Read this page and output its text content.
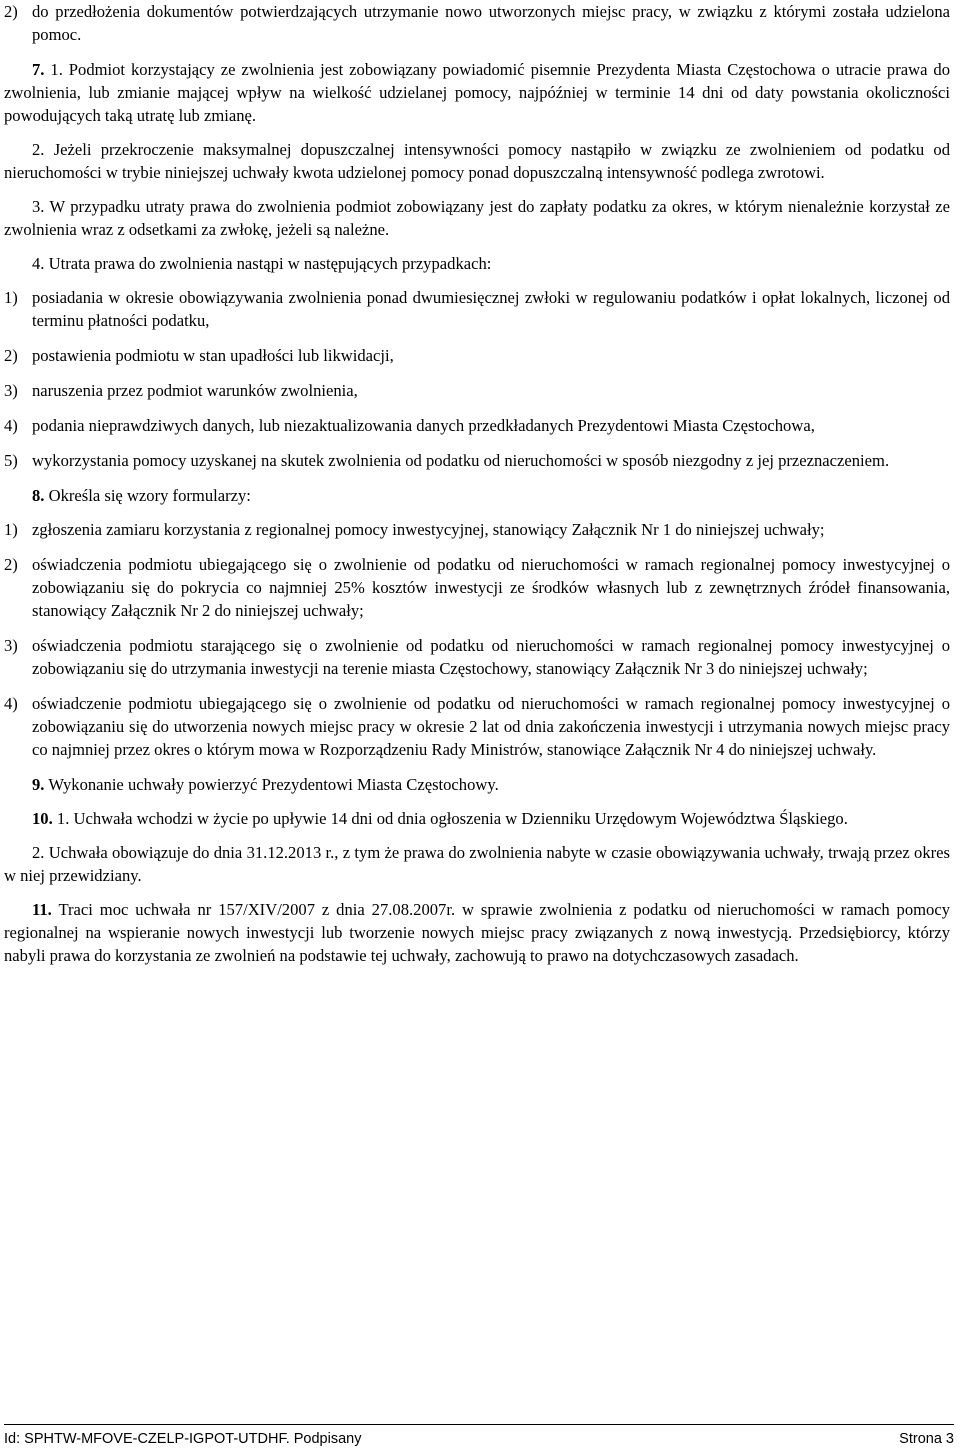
2) do przedłożenia dokumentów potwierdzających utrzymanie nowo utworzonych miejsc pracy, w związku z którymi została udzielona pomoc.

7. 1. Podmiot korzystający ze zwolnienia jest zobowiązany powiadomić pisemnie Prezydenta Miasta Częstochowa o utracie prawa do zwolnienia, lub zmianie mającej wpływ na wielkość udzielanej pomocy, najpóźniej w terminie 14 dni od daty powstania okoliczności powodujących taką utratę lub zmianę.

2. Jeżeli przekroczenie maksymalnej dopuszczalnej intensywności pomocy nastąpiło w związku ze zwolnieniem od podatku od nieruchomości w trybie niniejszej uchwały kwota udzielonej pomocy ponad dopuszczalną intensywność podlega zwrotowi.

3. W przypadku utraty prawa do zwolnienia podmiot zobowiązany jest do zapłaty podatku za okres, w którym nienależnie korzystał ze zwolnienia wraz z odsetkami za zwłokę, jeżeli są należne.

4. Utrata prawa do zwolnienia nastąpi w następujących przypadkach:

1) posiadania w okresie obowiązywania zwolnienia ponad dwumiesięcznej zwłoki w regulowaniu podatków i opłat lokalnych, liczonej od terminu płatności podatku,
2) postawienia podmiotu w stan upadłości lub likwidacji,
3) naruszenia przez podmiot warunków zwolnienia,
4) podania nieprawdziwych danych, lub niezaktualizowania danych przedkładanych Prezydentowi Miasta Częstochowa,
5) wykorzystania pomocy uzyskanej na skutek zwolnienia od podatku od nieruchomości w sposób niezgodny z jej przeznaczeniem.

8. Określa się wzory formularzy:

1) zgłoszenia zamiaru korzystania z regionalnej pomocy inwestycyjnej, stanowiący Załącznik Nr 1 do niniejszej uchwały;
2) oświadczenia podmiotu ubiegającego się o zwolnienie od podatku od nieruchomości w ramach regionalnej pomocy inwestycyjnej o zobowiązaniu się do pokrycia co najmniej 25% kosztów inwestycji ze środków własnych lub z zewnętrznych źródeł finansowania, stanowiący Załącznik Nr 2 do niniejszej uchwały;
3) oświadczenia podmiotu starającego się o zwolnienie od podatku od nieruchomości w ramach regionalnej pomocy inwestycyjnej o zobowiązaniu się do utrzymania inwestycji na terenie miasta Częstochowy, stanowiący Załącznik Nr 3 do niniejszej uchwały;
4) oświadczenie podmiotu ubiegającego się o zwolnienie od podatku od nieruchomości w ramach regionalnej pomocy inwestycyjnej o zobowiązaniu się do utworzenia nowych miejsc pracy w okresie 2 lat od dnia zakończenia inwestycji i utrzymania nowych miejsc pracy co najmniej przez okres o którym mowa w Rozporządzeniu Rady Ministrów, stanowiące Załącznik Nr 4 do niniejszej uchwały.

9. Wykonanie uchwały powierzyć Prezydentowi Miasta Częstochowy.

10. 1. Uchwała wchodzi w życie po upływie 14 dni od dnia ogłoszenia w Dzienniku Urzędowym Województwa Śląskiego.

2. Uchwała obowiązuje do dnia 31.12.2013 r., z tym że prawa do zwolnienia nabyte w czasie obowiązywania uchwały, trwają przez okres w niej przewidziany.

11. Traci moc uchwała nr 157/XIV/2007 z dnia 27.08.2007r. w sprawie zwolnienia z podatku od nieruchomości w ramach pomocy regionalnej na wspieranie nowych inwestycji lub tworzenie nowych miejsc pracy związanych z nową inwestycją. Przedsiębiorcy, którzy nabyli prawa do korzystania ze zwolnień na podstawie tej uchwały, zachowują to prawo na dotychczasowych zasadach.

Id: SPHTW-MFOVE-CZELP-IGPOT-UTDHF. Podpisany	Strona 3
